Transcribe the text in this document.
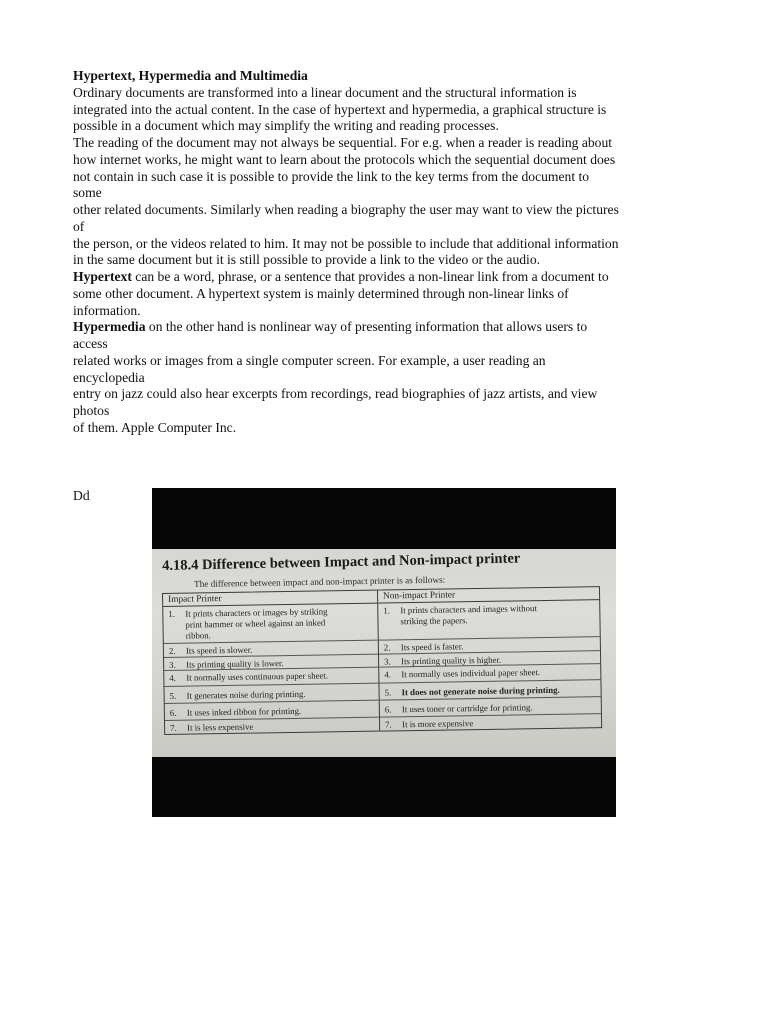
Hypertext, Hypermedia and Multimedia
Ordinary documents are transformed into a linear document and the structural information is
integrated into the actual content. In the case of hypertext and hypermedia, a graphical structure is
possible in a document which may simplify the writing and reading processes.
The reading of the document may not always be sequential. For e.g. when a reader is reading about
how internet works, he might want to learn about the protocols which the sequential document does
not contain in such case it is possible to provide the link to the key terms from the document to
some
other related documents. Similarly when reading a biography the user may want to view the pictures
of
the person, or the videos related to him. It may not be possible to include that additional information
in the same document but it is still possible to provide a link to the video or the audio.
Hypertext can be a word, phrase, or a sentence that provides a non-linear link from a document to
some other document. A hypertext system is mainly determined through non-linear links of
information.
Hypermedia on the other hand is nonlinear way of presenting information that allows users to
access
related works or images from a single computer screen. For example, a user reading an
encyclopedia
entry on jazz could also hear excerpts from recordings, read biographies of jazz artists, and view
photos
of them. Apple Computer Inc.
Dd
4.18.4 Difference between Impact and Non-impact printer
The difference between impact and non-impact printer is as follows:
Impact Printer
1. It prints characters or images by striking
print hammer or wheel against an inked
ribbon.
2. Its speed is slower.
3. Its printing quality is lower.
4. It normally uses continuous paper sheet.
5. It generates noise during printing.
6. It uses inked ribbon for printing.
7. It is less expensive
Non-impact Printer
1. It prints characters and images without
striking the papers.
2. Its speed is faster.
3. Its printing quality is higher.
4. It normally uses individual paper sheet.
5. It does not generate noise during printing.
6. It uses toner or cartridge for printing.
7. It is more expensive
